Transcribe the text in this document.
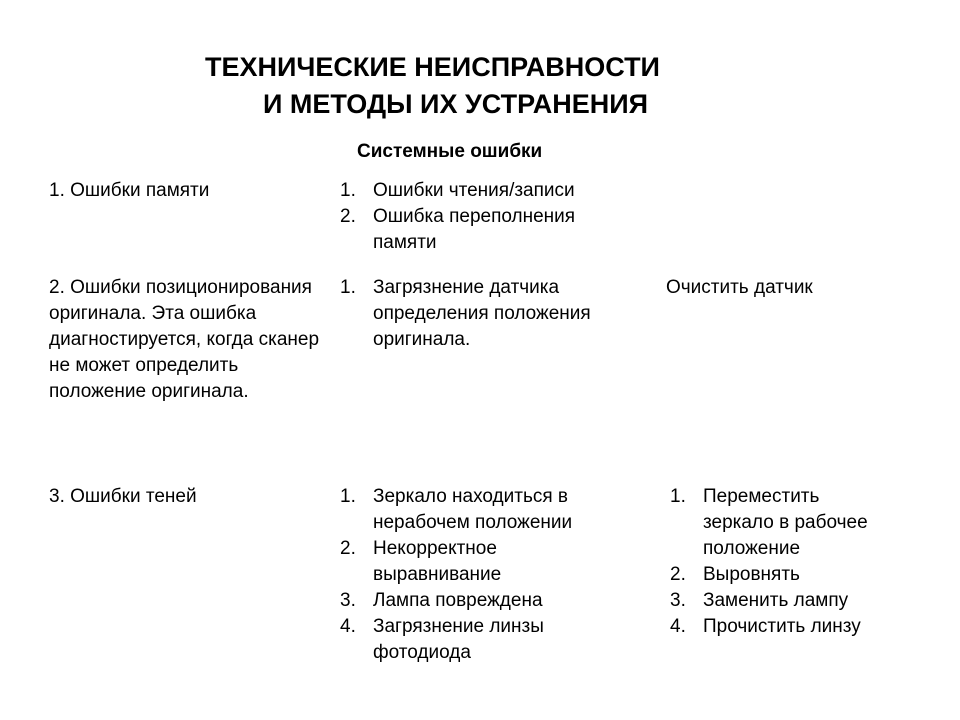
ТЕХНИЧЕСКИЕ НЕИСПРАВНОСТИ
И МЕТОДЫ ИХ УСТРАНЕНИЯ
Системные ошибки
1. Ошибки памяти	1. Ошибки чтения/записи
2. Ошибка переполнения памяти
2. Ошибки позиционирования оригинала. Эта ошибка диагностируется, когда сканер не может определить положение оригинала.
1. Загрязнение датчика определения положения оригинала.
Очистить датчик
3. Ошибки теней	1. Зеркало находиться в нерабочем положении
2. Некорректное выравнивание
3. Лампа повреждена
4. Загрязнение линзы фотодиода
1. Переместить зеркало в рабочее положение
2. Выровнять
3. Заменить лампу
4. Прочистить линзу
